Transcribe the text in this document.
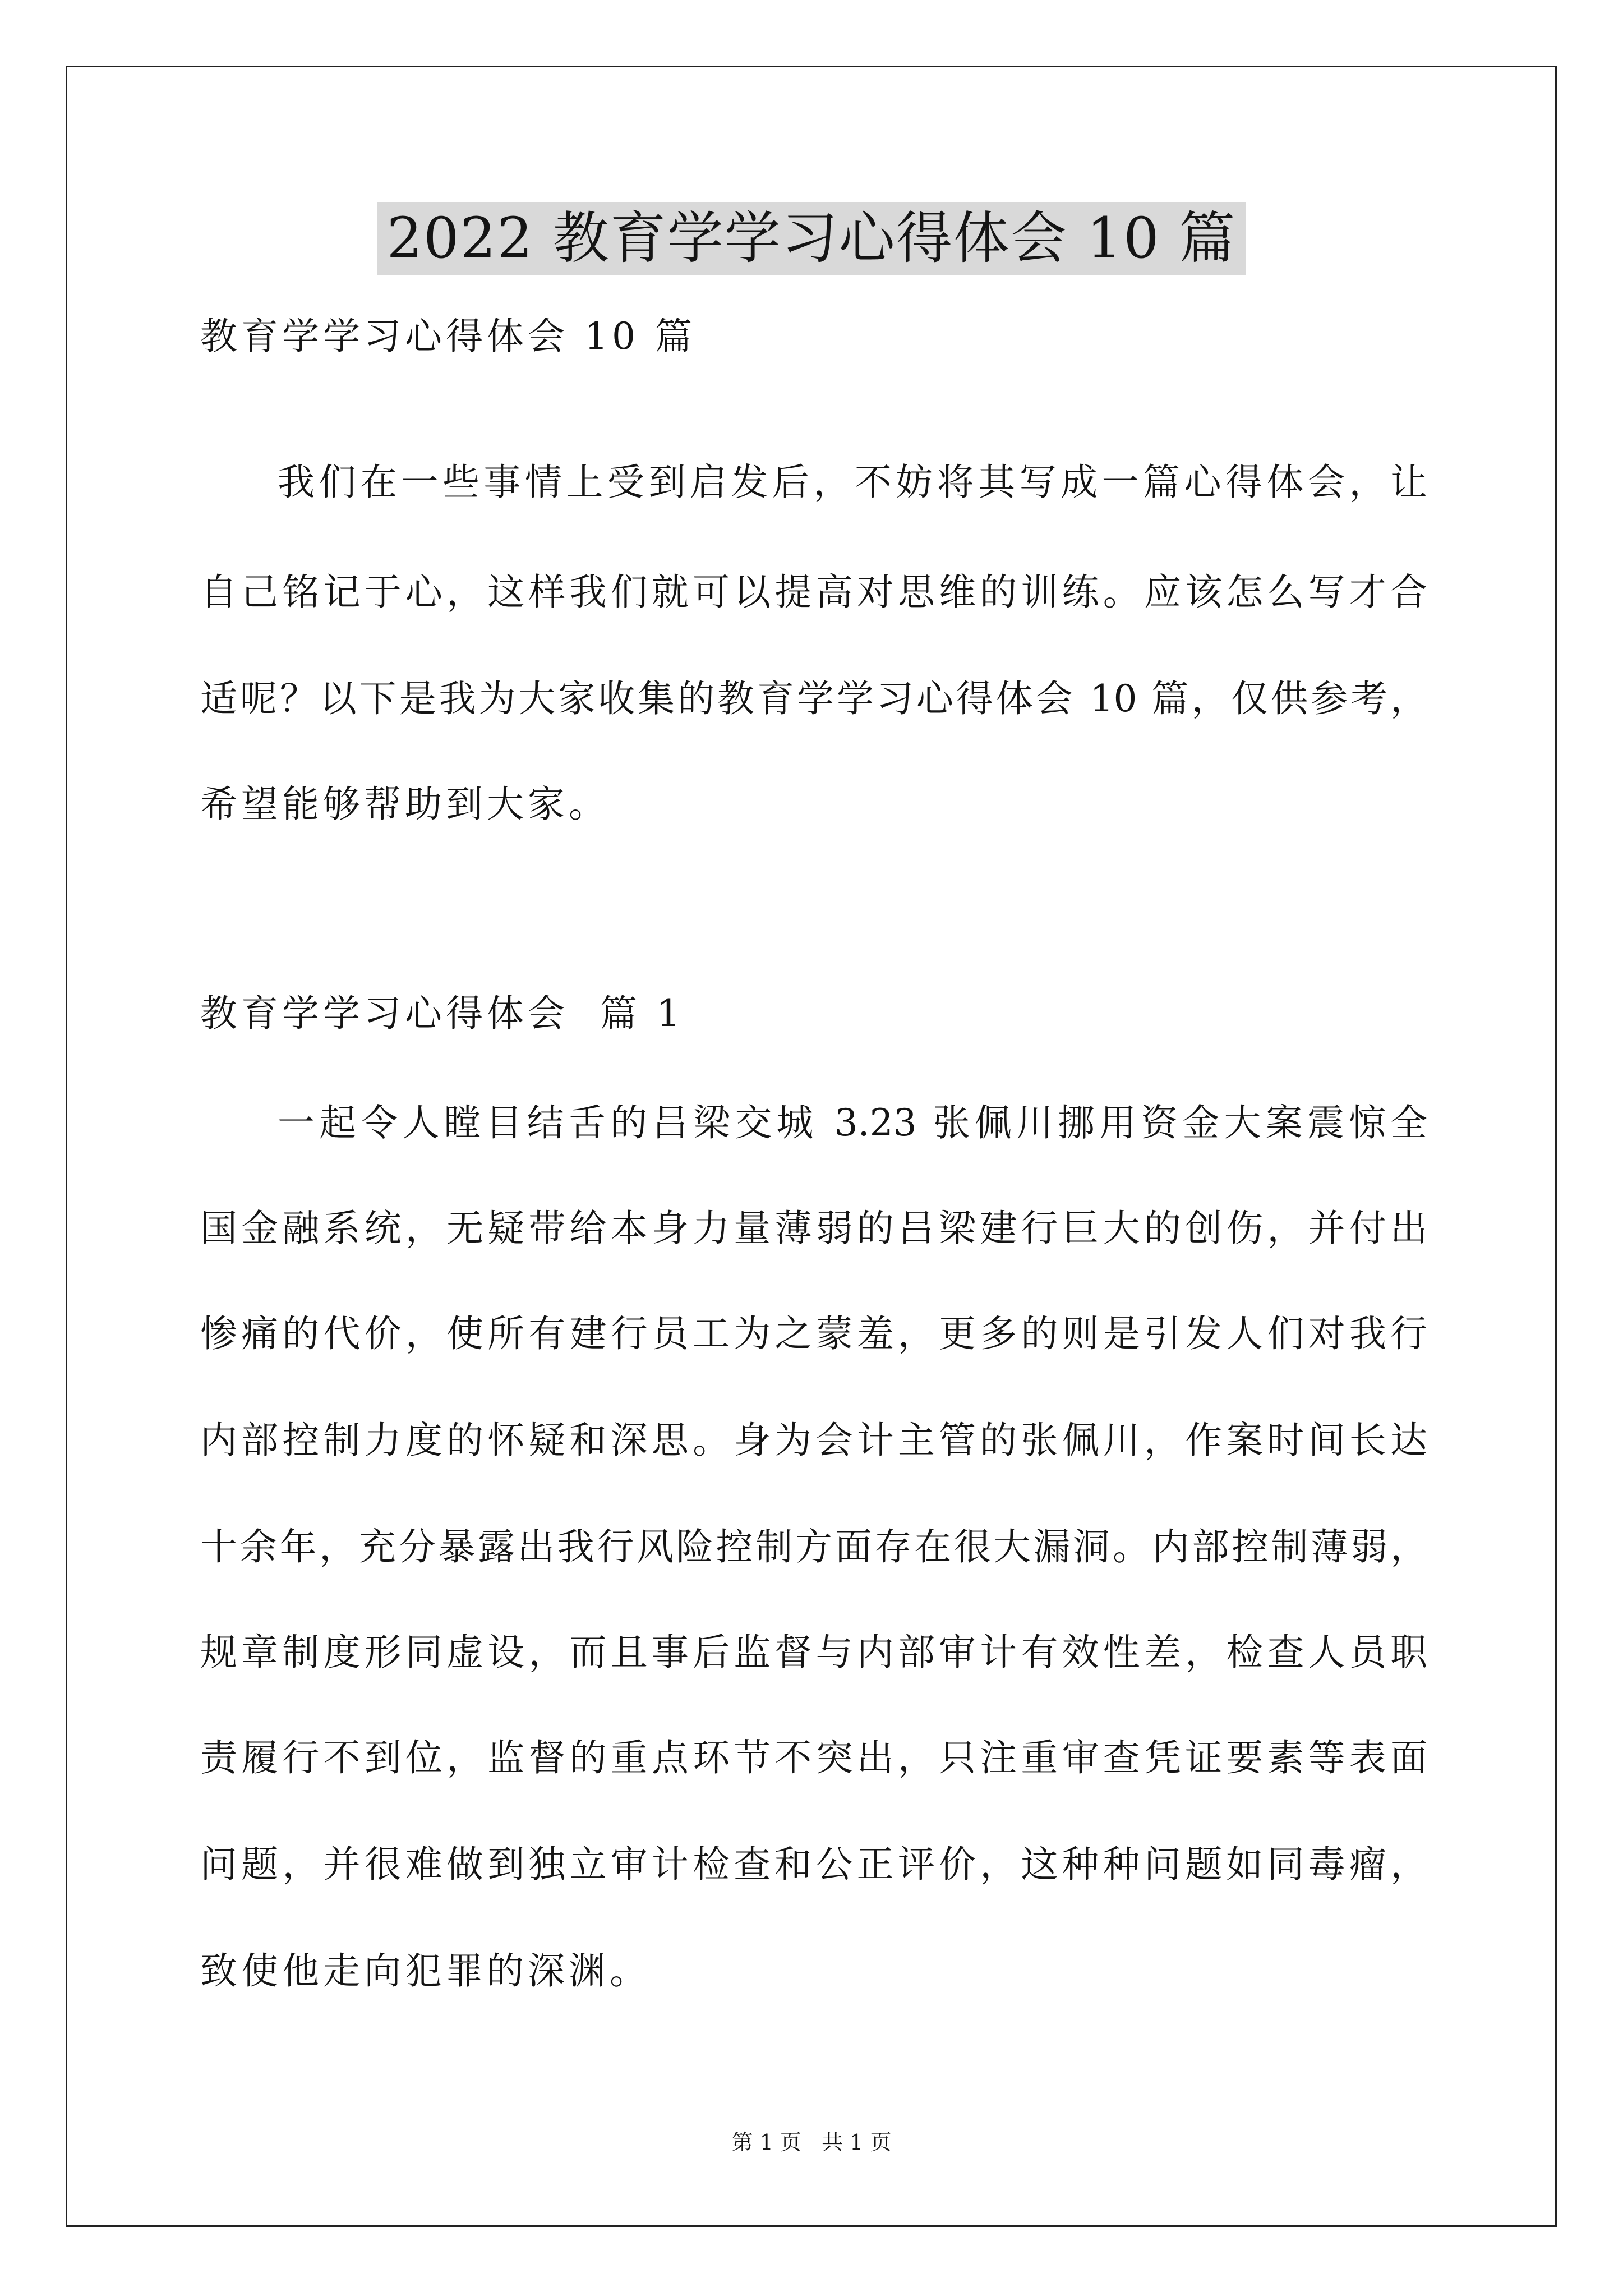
2022 教育学学习心得体会 10 篇
教育学学习心得体会 10 篇
我们在一些事情上受到启发后，不妨将其写成一篇心得体会，让
自己铭记于心，这样我们就可以提高对思维的训练。应该怎么写才合
适呢？以下是我为大家收集的教育学学习心得体会 10 篇，仅供参考，
希望能够帮助到大家。
教育学学习心得体会  篇 1
一起令人瞠目结舌的吕梁交城 3.23 张佩川挪用资金大案震惊全
国金融系统，无疑带给本身力量薄弱的吕梁建行巨大的创伤，并付出
惨痛的代价，使所有建行员工为之蒙羞，更多的则是引发人们对我行
内部控制力度的怀疑和深思。身为会计主管的张佩川，作案时间长达
十余年，充分暴露出我行风险控制方面存在很大漏洞。内部控制薄弱，
规章制度形同虚设，而且事后监督与内部审计有效性差，检查人员职
责履行不到位，监督的重点环节不突出，只注重审查凭证要素等表面
问题，并很难做到独立审计检查和公正评价，这种种问题如同毒瘤，
致使他走向犯罪的深渊。
第 1 页   共 1 页
